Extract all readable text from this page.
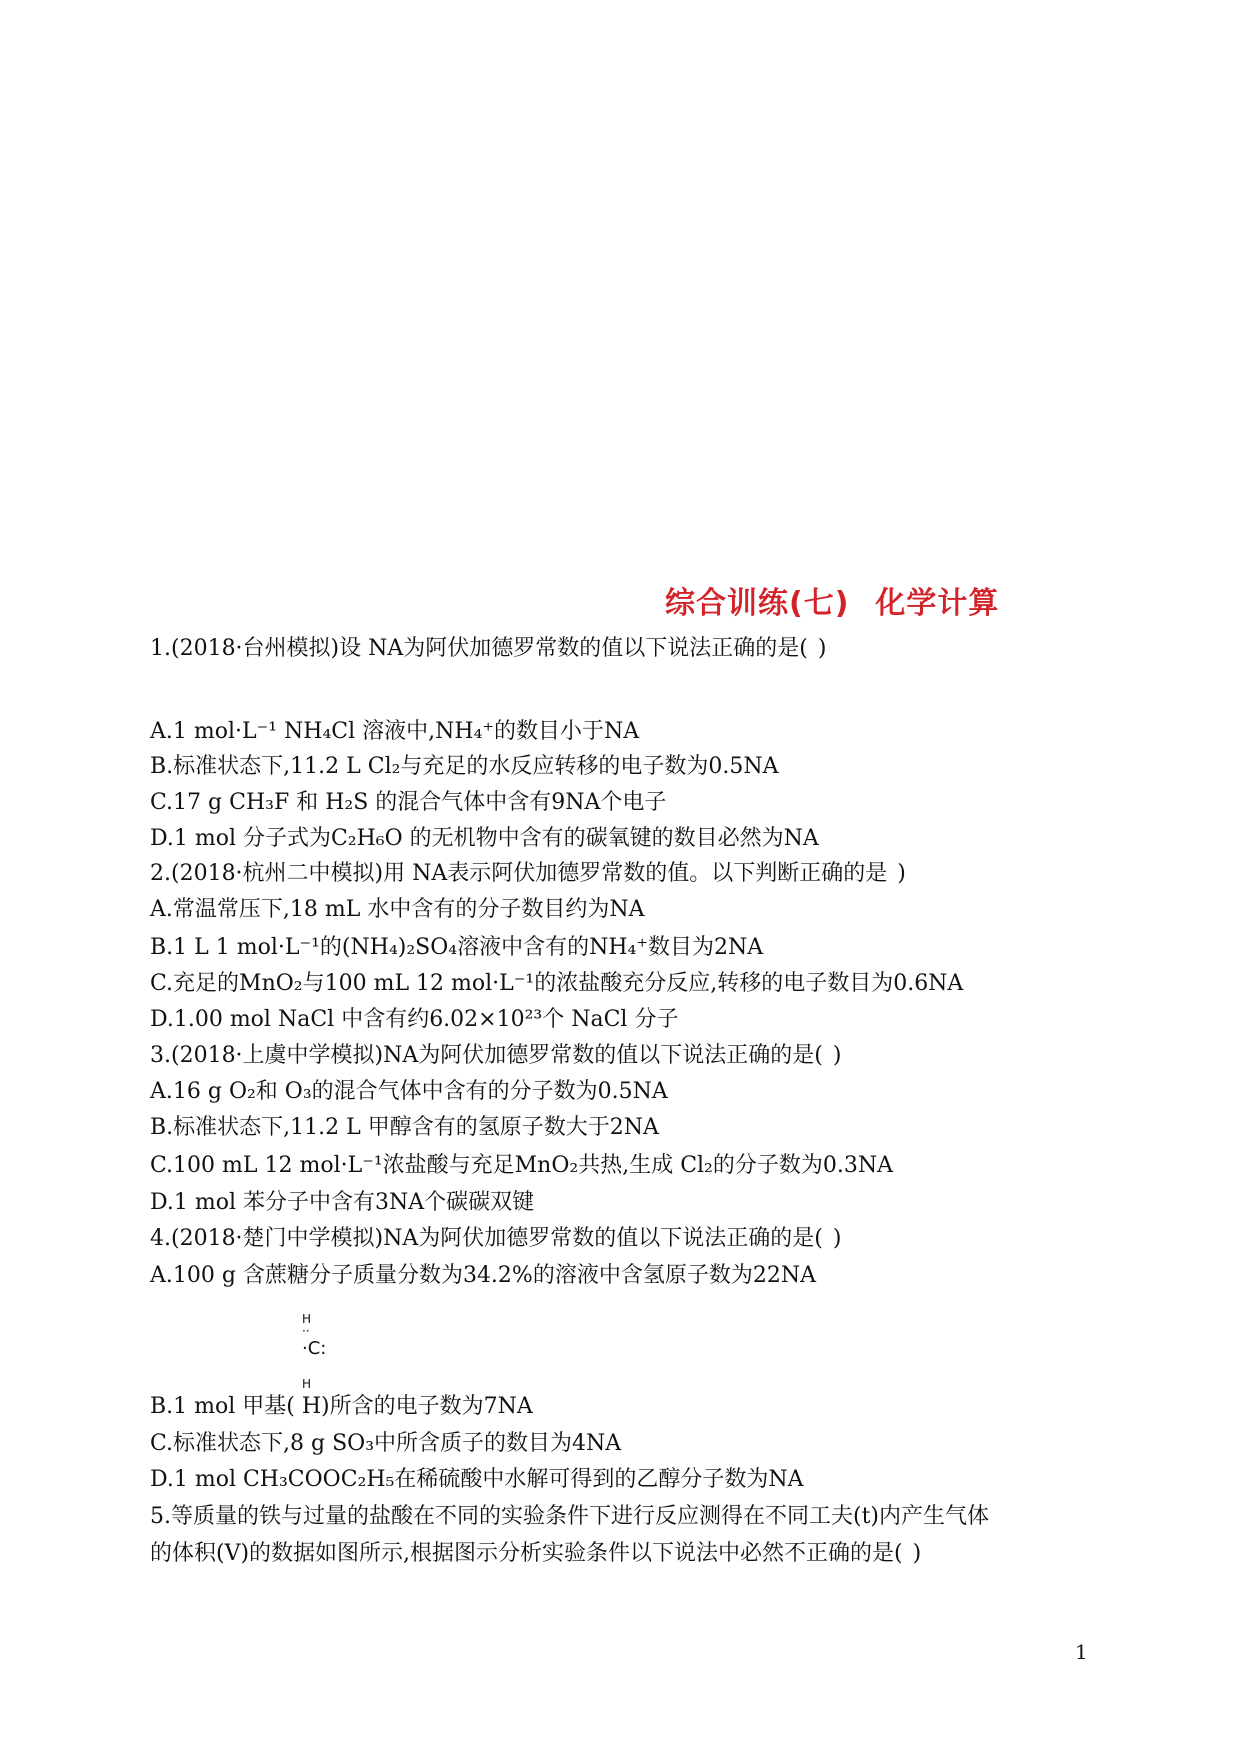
综合训练(七) 化学计算
1.(2018·台州模拟)设 NA为阿伏加德罗常数的值以下说法正确的是()
A.1 mol·L⁻¹ NH₄Cl 溶液中,NH₄⁺的数目小于NA
B.标准状态下,11.2 L Cl₂与充足的水反应转移的电子数为0.5NA
C.17 g CH₃F 和 H₂S 的混合气体中含有9NA个电子
D.1 mol 分子式为C₂H₆O 的无机物中含有的碳氧键的数目必然为NA
2.(2018·杭州二中模拟)用 NA表示阿伏加德罗常数的值。以下判断正确的是)
A.常温常压下,18 mL 水中含有的分子数目约为NA
B.1 L 1 mol·L⁻¹的(NH₄)₂SO₄溶液中含有的NH₄⁺数目为2NA
C.充足的MnO₂与100 mL 12 mol·L⁻¹的浓盐酸充分反应,转移的电子数目为0.6NA
D.1.00 mol NaCl 中含有约6.02×10²³个 NaCl 分子
3.(2018·上虞中学模拟)NA为阿伏加德罗常数的值以下说法正确的是()
A.16 g O₂和 O₃的混合气体中含有的分子数为0.5NA
B.标准状态下,11.2 L 甲醇含有的氢原子数大于2NA
C.100 mL 12 mol·L⁻¹浓盐酸与充足MnO₂共热,生成 Cl₂的分子数为0.3NA
D.1 mol 苯分子中含有3NA个碳碳双键
4.(2018·楚门中学模拟)NA为阿伏加德罗常数的值以下说法正确的是()
A.100 g 含蔗糖分子质量分数为34.2%的溶液中含氢原子数为22NA
H
··
·C:
H
B.1 mol 甲基( H)所含的电子数为7NA
C.标准状态下,8 g SO₃中所含质子的数目为4NA
D.1 mol CH₃COOC₂H₅在稀硫酸中水解可得到的乙醇分子数为NA
5.等质量的铁与过量的盐酸在不同的实验条件下进行反应测得在不同工夫(t)内产生气体
的体积(V)的数据如图所示,根据图示分析实验条件以下说法中必然不正确的是()
1
